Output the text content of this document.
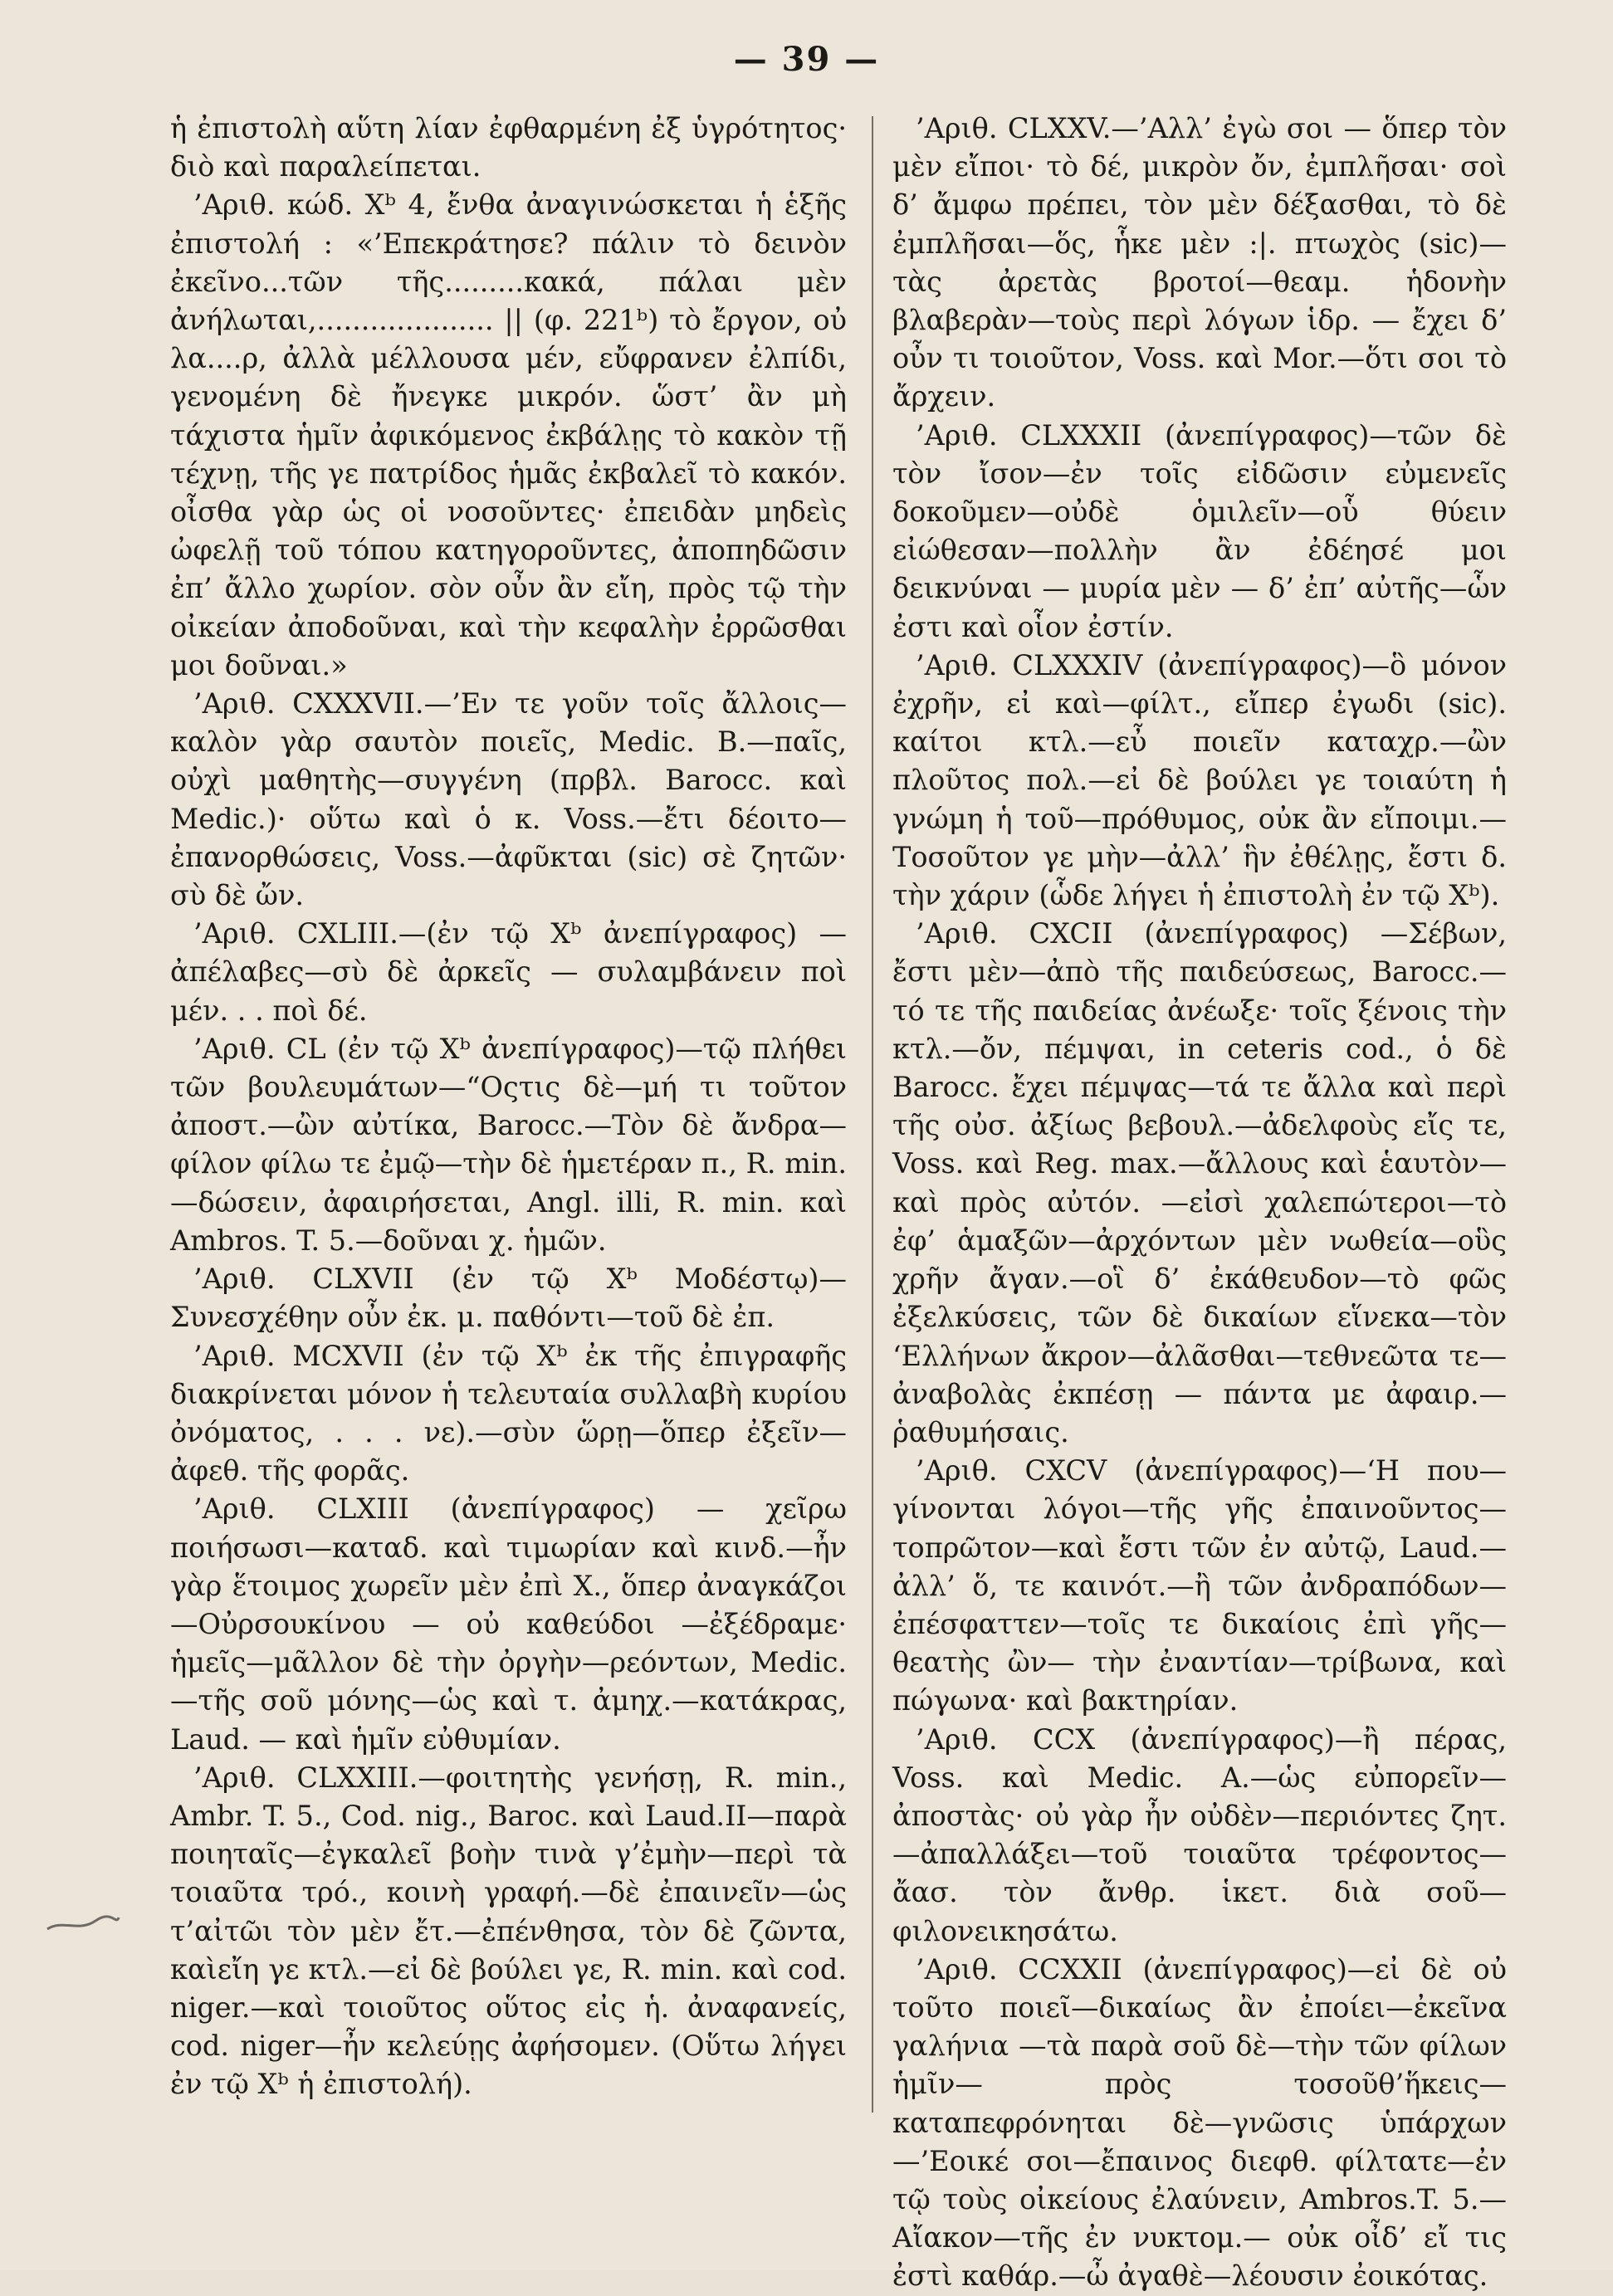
— 39 —

ἡ ἐπιστολὴ αὕτη λίαν ἐφθαρμένη ἐξ ὑγρότητος· διὸ καὶ παραλείπεται.

’Αριθ. κώδ. Xᵇ 4, ἔνθα ἀναγινώσκεται ἡ ἑξῆς ἐπιστολή : «’Επεκράτησε? πάλιν τὸ δεινὸν ἐκεῖνο...τῶν τῆς.........κακά, πάλαι μὲν ἀνήλωται,.................... || (φ. 221ᵇ) τὸ ἔργον, οὐ λα....ρ, ἀλλὰ μέλλουσα μέν, εὔφρανεν ἐλπίδι, γενομένη δὲ ἤνεγκε μικρόν. ὥστ’ ἂν μὴ τάχιστα ἡμῖν ἀφικόμενος ἐκβάλῃς τὸ κακὸν τῇ τέχνῃ, τῆς γε πατρίδος ἡμᾶς ἐκβαλεῖ τὸ κακόν. οἶσθα γὰρ ὡς οἱ νοσοῦντες· ἐπειδὰν μηδεὶς ὠφελῇ τοῦ τόπου κατηγοροῦντες, ἀποπηδῶσιν ἐπ’ ἄλλο χωρίον. σὸν οὖν ἂν εἴη, πρὸς τῷ τὴν οἰκείαν ἀποδοῦναι, καὶ τὴν κεφαλὴν ἐρρῶσθαι μοι δοῦναι.»

’Αριθ. CXXXVII.—’Εν τε γοῦν τοῖς ἄλλοις— καλὸν γὰρ σαυτὸν ποιεῖς, Medic. B.—παῖς, οὐχὶ μαθητὴς—συγγένη (πρβλ. Barocc. καὶ Medic.)· οὕτω καὶ ὁ κ. Voss.—ἔτι δέοιτο—ἐπανορθώσεις, Voss.—ἀφῦκται (sic) σὲ ζητῶν· σὺ δὲ ὤν.

’Αριθ. CXLIII.—(ἐν τῷ Xᵇ ἀνεπίγραφος) — ἀπέλαβες—σὺ δὲ ἀρκεῖς — συλαμβάνειν ποὶ μέν. . . ποὶ δέ.

’Αριθ. CL (ἐν τῷ Xᵇ ἀνεπίγραφος)—τῷ πλήθει τῶν βουλευμάτων—“Οςτις δὲ—μή τι τοῦτον ἀποστ.—ὢν αὐτίκα, Barocc.—Τὸν δὲ ἄνδρα—φίλον φίλω τε ἐμῷ—τὴν δὲ ἡμετέραν π., R. min.—δώσειν, ἀφαιρήσεται, Angl. illi, R. min. καὶ Ambros. T. 5.—δοῦναι χ. ἡμῶν.

’Αριθ. CLXVII (ἐν τῷ Xᵇ Μοδέστῳ)—Συνεσχέθην οὖν ἐκ. μ. παθόντι—τοῦ δὲ ἐπ.

’Αριθ. MCXVII (ἐν τῷ Xᵇ ἐκ τῆς ἐπιγραφῆς διακρίνεται μόνον ἡ τελευταία συλλαβὴ κυρίου ὀνόματος, . . . νε).—σὺν ὥρῃ—ὅπερ ἐξεῖν—ἀφεθ. τῆς φορᾶς.

’Αριθ. CLXIII (ἀνεπίγραφος) — χεῖρω ποιήσωσι—καταδ. καὶ τιμωρίαν καὶ κινδ.—ἦν γὰρ ἕτοιμος χωρεῖν μὲν ἐπὶ X., ὅπερ ἀναγκάζοι—Οὐρσουκίνου — οὐ καθεύδοι —ἐξέδραμε· ἡμεῖς—μᾶλλον δὲ τὴν ὀργὴν—ρεόντων, Medic. —τῆς σοῦ μόνης—ὡς καὶ τ. ἀμηχ.—κατάκρας, Laud. — καὶ ἡμῖν εὐθυμίαν.

’Αριθ. CLXXIII.—φοιτητὴς γενήσῃ, R. min., Ambr. T. 5., Cod. nig., Baroc. καὶ Laud.II—παρὰ ποιηταῖς—ἐγκαλεῖ βοὴν τινὰ γ’ἐμὴν—περὶ τὰ τοιαῦτα τρό., κοινὴ γραφή.—δὲ ἐπαινεῖν—ὡς τ’αἰτῶι τὸν μὲν ἔτ.—ἐπένθησα, τὸν δὲ ζῶντα, καὶεἴη γε κτλ.—εἰ δὲ βούλει γε, R. min. καὶ cod. niger.—καὶ τοιοῦτος οὕτος εἰς ἡ. ἀναφανείς, cod. niger—ἦν κελεύῃς ἀφήσομεν. (Οὕτω λήγει ἐν τῷ Xᵇ ἡ ἐπιστολή).

’Αριθ. CLXXV.—’Αλλ’ ἐγὼ σοι — ὅπερ τὸν μὲν εἴποι· τὸ δέ, μικρὸν ὄν, ἐμπλῆσαι· σοὶ δ’ ἄμφω πρέπει, τὸν μὲν δέξασθαι, τὸ δὲ ἐμπλῆσαι—ὅς, ἧκε μὲν :|. πτωχὸς (sic)—τὰς ἀρετὰς βροτοί—θεαμ. ἡδονὴν βλαβερὰν—τοὺς περὶ λόγων ἱδρ. — ἔχει δ’ οὖν τι τοιοῦτον, Voss. καὶ Mor.—ὅτι σοι τὸ ἄρχειν.

’Αριθ. CLXXXII (ἀνεπίγραφος)—τῶν δὲ τὸν ἴσον—ἐν τοῖς εἰδῶσιν εὐμενεῖς δοκοῦμεν—οὐδὲ ὁμιλεῖν—οὗ θύειν εἰώθεσαν—πολλὴν ἂν ἐδέησέ μοι δεικνύναι — μυρία μὲν — δ’ ἐπ’ αὐτῆς—ὧν ἐστι καὶ οἷον ἐστίν.

’Αριθ. CLXXXIV (ἀνεπίγραφος)—ὃ μόνον ἐχρῆν, εἰ καὶ—φίλτ., εἴπερ ἐγωδι (sic). καίτοι κτλ.—εὖ ποιεῖν καταχρ.—ὢν πλοῦτος πολ.—εἰ δὲ βούλει γε τοιαύτη ἡ γνώμη ἡ τοῦ—πρόθυμος, οὐκ ἂν εἴποιμι.—Τοσοῦτον γε μὴν—ἀλλ’ ἣν ἐθέλῃς, ἔστι δ. τὴν χάριν (ὧδε λήγει ἡ ἐπιστολὴ ἐν τῷ Xᵇ).

’Αριθ. CXCII (ἀνεπίγραφος) —Σέβων, ἔστι μὲν—ἀπὸ τῆς παιδεύσεως, Barocc.—τό τε τῆς παιδείας ἀνέωξε· τοῖς ξένοις τὴν κτλ.—ὄν, πέμψαι, in ceteris cod., ὁ δὲ Barocc. ἔχει πέμψας—τά τε ἄλλα καὶ περὶ τῆς οὐσ. ἀξίως βεβουλ.—ἀδελφοὺς εἴς τε, Voss. καὶ Reg. max.—ἄλλους καὶ ἑαυτὸν—καὶ πρὸς αὐτόν. —εἰσὶ χαλεπώτεροι—τὸ ἐφ’ ἁμαξῶν—ἀρχόντων μὲν νωθεία—οὓς χρῆν ἄγαν.—οἳ δ’ ἐκάθευδον—τὸ φῶς ἐξελκύσεις, τῶν δὲ δικαίων εἵνεκα—τὸν ‘Ελλήνων ἄκρον—ἀλᾶσθαι—τεθνεῶτα τε—ἀναβολὰς ἐκπέσῃ — πάντα με ἀφαιρ.—ῥαθυμήσαις.

’Αριθ. CXCV (ἀνεπίγραφος)—‘Η που—γίνονται λόγοι—τῆς γῆς ἐπαινοῦντος—τοπρῶτον—καὶ ἔστι τῶν ἐν αὐτῷ, Laud.—ἀλλ’ ὅ, τε καινότ.—ἢ τῶν ἀνδραπόδων—ἐπέσφαττεν—τοῖς τε δικαίοις ἐπὶ γῆς—θεατὴς ὢν— τὴν ἐναντίαν—τρίβωνα, καὶ πώγωνα· καὶ βακτηρίαν.

’Αριθ. CCX (ἀνεπίγραφος)—ἢ πέρας, Voss. καὶ Medic. A.—ὡς εὐπορεῖν—ἀποστὰς· οὐ γὰρ ἦν οὐδὲν—περιόντες ζητ.—ἀπαλλάξει—τοῦ τοιαῦτα τρέφοντος—ἄασ. τὸν ἄνθρ. ἱκετ. διὰ σοῦ—φιλονεικησάτω.

’Αριθ. CCXXII (ἀνεπίγραφος)—εἰ δὲ οὐ τοῦτο ποιεῖ—δικαίως ἂν ἐποίει—ἐκεῖνα γαλήνια —τὰ παρὰ σοῦ δὲ—τὴν τῶν φίλων ἡμῖν— πρὸς τοσοῦθ’ἥκεις—καταπεφρόνηται δὲ—γνῶσις ὑπάρχων—’Εοικέ σοι—ἔπαινος διεφθ. φίλτατε—ἐν τῷ τοὺς οἰκείους ἐλαύνειν, Ambros.T. 5.—Αἴακον—τῆς ἐν νυκτομ.— οὐκ οἶδ’ εἴ τις ἐστὶ καθάρ.—ὦ ἀγαθὲ—λέουσιν ἐοικότας.
